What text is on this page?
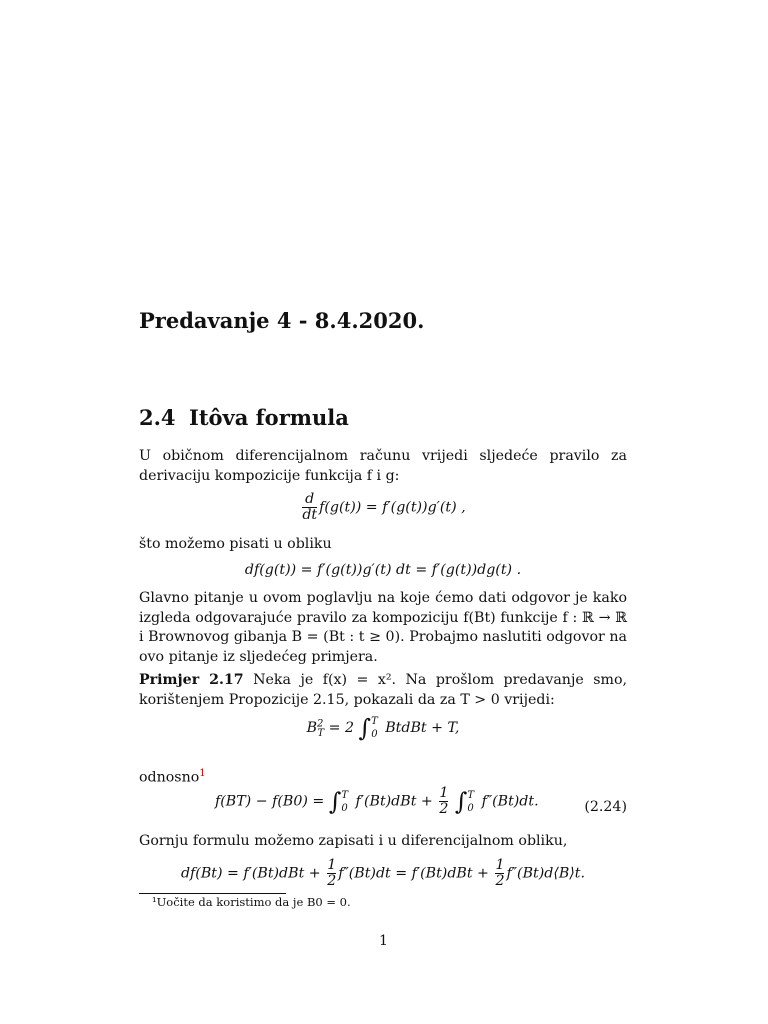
Predavanje 4 - 8.4.2020.
2.4 Itôva formula
U običnom diferencijalnom računu vrijedi sljedeće pravilo za derivaciju kompozicije funkcija f i g:
$\frac{d}{dt} f(g(t)) = f'(g(t))g'(t)$ ,
što možemo pisati u obliku
df(g(t)) = f′(g(t))g′(t) dt = f′(g(t))dg(t) .
Glavno pitanje u ovom poglavlju na koje ćemo dati odgovor je kako izgleda odgovarajuće pravilo za kompoziciju f(Bt) funkcije f : ℝ → ℝ i Brownovog gibanja B = (Bt : t ≥ 0). Probajmo naslutiti odgovor na ovo pitanje iz sljedećeg primjera.
Primjer 2.17 Neka je f(x) = x². Na prošlom predavanje smo, korištenjem Propozicije 2.15, pokazali da za T > 0 vrijedi:
$B^2_T = 2$ ∫ T
0 BtdBt + T,
odnosno$^1$
f(BT) − f(B0) = ∫ T
0 $f'(Bt)dBt + \frac{1}{2}$ ∫ T
0 f″(Bt)dt.	(2.24)
Gornju formulu možemo zapisati i u diferencijalnom obliku,
$df(Bt) = f'(Bt)dBt + \frac{1}{2} f''(Bt)dt = f'(Bt)dBt + \frac{1}{2}$ f″(Bt)d⟨B⟩t.
¹Uočite da koristimo da je B0 = 0.
1
